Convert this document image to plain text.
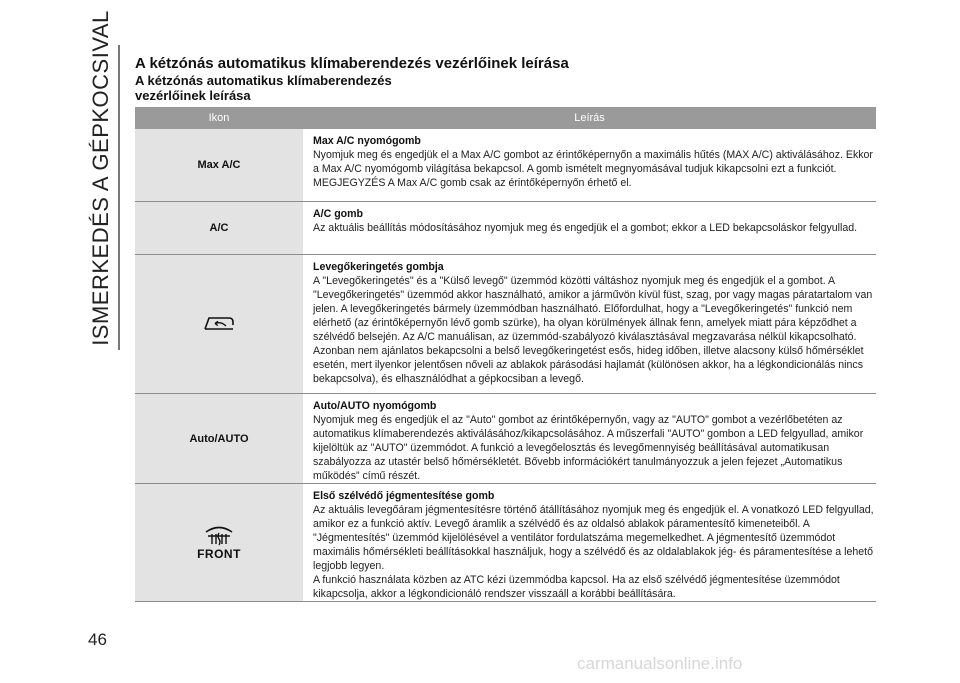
ISMERKEDÉS A GÉPKOCSIVAL A kétzónás automatikus klímaberendezés vezérlőinek leírása
A kétzónás automatikus klímaberendezés vezérlőinek leírása
Ikon	Leírás
Max A/C
Max A/C nyomógomb
Nyomjuk meg és engedjük el a Max A/C gombot az érintőképernyőn a maximális hűtés (MAX A/C) aktiválásához. Ekkor a Max A/C nyomógomb világítása bekapcsol. A gomb ismételt megnyomásával tudjuk kikapcsolni ezt a funkciót.
MEGJEGYZÉS A Max A/C gomb csak az érintőképernyőn érhető el.
A/C
A/C gomb
Az aktuális beállítás módosításához nyomjuk meg és engedjük el a gombot; ekkor a LED bekapcsoláskor felgyullad.
Levegőkeringetés gombja
A "Levegőkeringetés" és a "Külső levegő" üzemmód közötti váltáshoz nyomjuk meg és engedjük el a gombot. A "Levegőkeringetés" üzemmód akkor használható, amikor a járművön kívül füst, szag, por vagy magas páratartalom van jelen. A levegőkeringetés bármely üzemmódban használható. Előfordulhat, hogy a "Levegőkeringetés" funkció nem elérhető (az érintőképernyőn lévő gomb szürke), ha olyan körülmények állnak fenn, amelyek miatt pára képződhet a szélvédő belsején. Az A/C manuálisan, az üzemmód-szabályozó kiválasztásával megzavarása nélkül kikapcsolható. Azonban nem ajánlatos bekapcsolni a belső levegőkeringetést esős, hideg időben, illetve alacsony külső hőmérséklet esetén, mert ilyenkor jelentősen nőveli az ablakok párásodási hajlamát (különösen akkor, ha a légkondicionálás nincs bekapcsolva), és elhasználódhat a gépkocsiban a levegő.
Auto/AUTO
Auto/AUTO nyomógomb
Nyomjuk meg és engedjük el az "Auto" gombot az érintőképernyőn, vagy az "AUTO" gombot a vezérlőbetéten az automatikus klímaberendezés aktiválásához/kikapcsolásához. A műszerfali "AUTO" gombon a LED felgyullad, amikor kijelöltük az "AUTO" üzemmódot. A funkció a levegőelosztás és levegőmennyiség beállításával automatikusan szabályozza az utastér belső hőmérsékletét. Bővebb információkért tanulmányozzuk a jelen fejezet „Automatikus működés” című részét.
FRONT
Első szélvédő jégmentesítése gomb
Az aktuális levegőáram jégmentesítésre történő átállításához nyomjuk meg és engedjük el. A vonatkozó LED felgyullad, amikor ez a funkció aktív. Levegő áramlik a szélvédő és az oldalsó ablakok páramentesítő kimeneteiből. A "Jégmentesítés" üzemmód kijelölésével a ventilátor fordulatszáma megemelkedhet. A jégmentesítő üzemmódot maximális hőmérsékleti beállításokkal használjuk, hogy a szélvédő és az oldalablakok jég- és páramentesítése a lehető legjobb legyen.
A funkció használata közben az ATC kézi üzemmódba kapcsol. Ha az első szélvédő jégmentesítése üzemmódot kikapcsolja, akkor a légkondicionáló rendszer visszaáll a korábbi beállítására.
46
carmanualsonline.info
